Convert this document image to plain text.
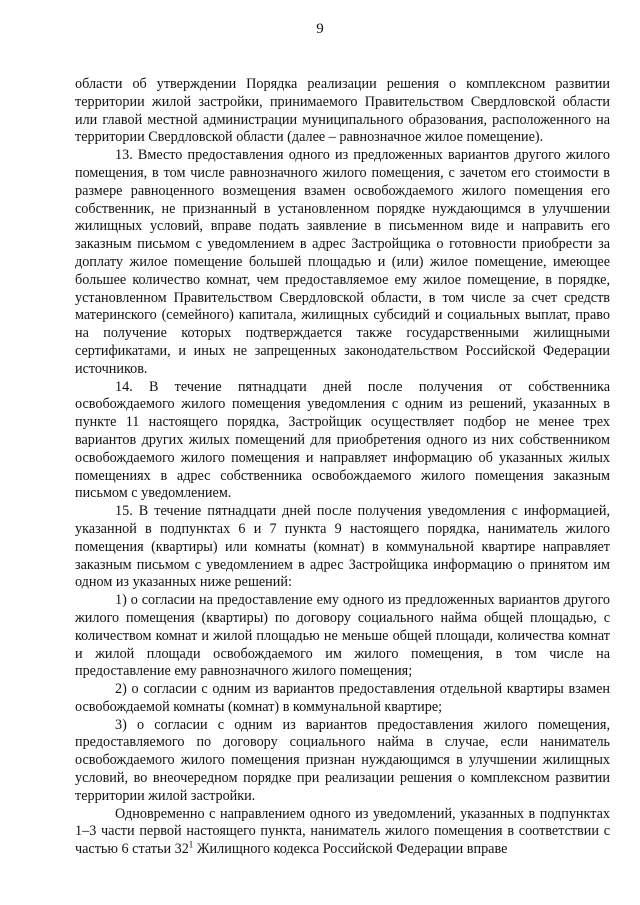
9

области об утверждении Порядка реализации решения о комплексном развитии территории жилой застройки, принимаемого Правительством Свердловской области или главой местной администрации муниципального образования, расположенного на территории Свердловской области (далее – равнозначное жилое помещение).

13. Вместо предоставления одного из предложенных вариантов другого жилого помещения, в том числе равнозначного жилого помещения, с зачетом его стоимости в размере равноценного возмещения взамен освобождаемого жилого помещения его собственник, не признанный в установленном порядке нуждающимся в улучшении жилищных условий, вправе подать заявление в письменном виде и направить его заказным письмом с уведомлением в адрес Застройщика о готовности приобрести за доплату жилое помещение большей площадью и (или) жилое помещение, имеющее большее количество комнат, чем предоставляемое ему жилое помещение, в порядке, установленном Правительством Свердловской области, в том числе за счет средств материнского (семейного) капитала, жилищных субсидий и социальных выплат, право на получение которых подтверждается также государственными жилищными сертификатами, и иных не запрещенных законодательством Российской Федерации источников.

14. В течение пятнадцати дней после получения от собственника освобождаемого жилого помещения уведомления с одним из решений, указанных в пункте 11 настоящего порядка, Застройщик осуществляет подбор не менее трех вариантов других жилых помещений для приобретения одного из них собственником освобождаемого жилого помещения и направляет информацию об указанных жилых помещениях в адрес собственника освобождаемого жилого помещения заказным письмом с уведомлением.

15. В течение пятнадцати дней после получения уведомления с информацией, указанной в подпунктах 6 и 7 пункта 9 настоящего порядка, наниматель жилого помещения (квартиры) или комнаты (комнат) в коммунальной квартире направляет заказным письмом с уведомлением в адрес Застройщика информацию о принятом им одном из указанных ниже решений:

1) о согласии на предоставление ему одного из предложенных вариантов другого жилого помещения (квартиры) по договору социального найма общей площадью, с количеством комнат и жилой площадью не меньше общей площади, количества комнат и жилой площади освобождаемого им жилого помещения, в том числе на предоставление ему равнозначного жилого помещения;

2) о согласии с одним из вариантов предоставления отдельной квартиры взамен освобождаемой комнаты (комнат) в коммунальной квартире;

3) о согласии с одним из вариантов предоставления жилого помещения, предоставляемого по договору социального найма в случае, если наниматель освобождаемого жилого помещения признан нуждающимся в улучшении жилищных условий, во внеочередном порядке при реализации решения о комплексном развитии территории жилой застройки.

Одновременно с направлением одного из уведомлений, указанных в подпунктах 1–3 части первой настоящего пункта, наниматель жилого помещения в соответствии с частью 6 статьи $32^1$ Жилищного кодекса Российской Федерации вправе
